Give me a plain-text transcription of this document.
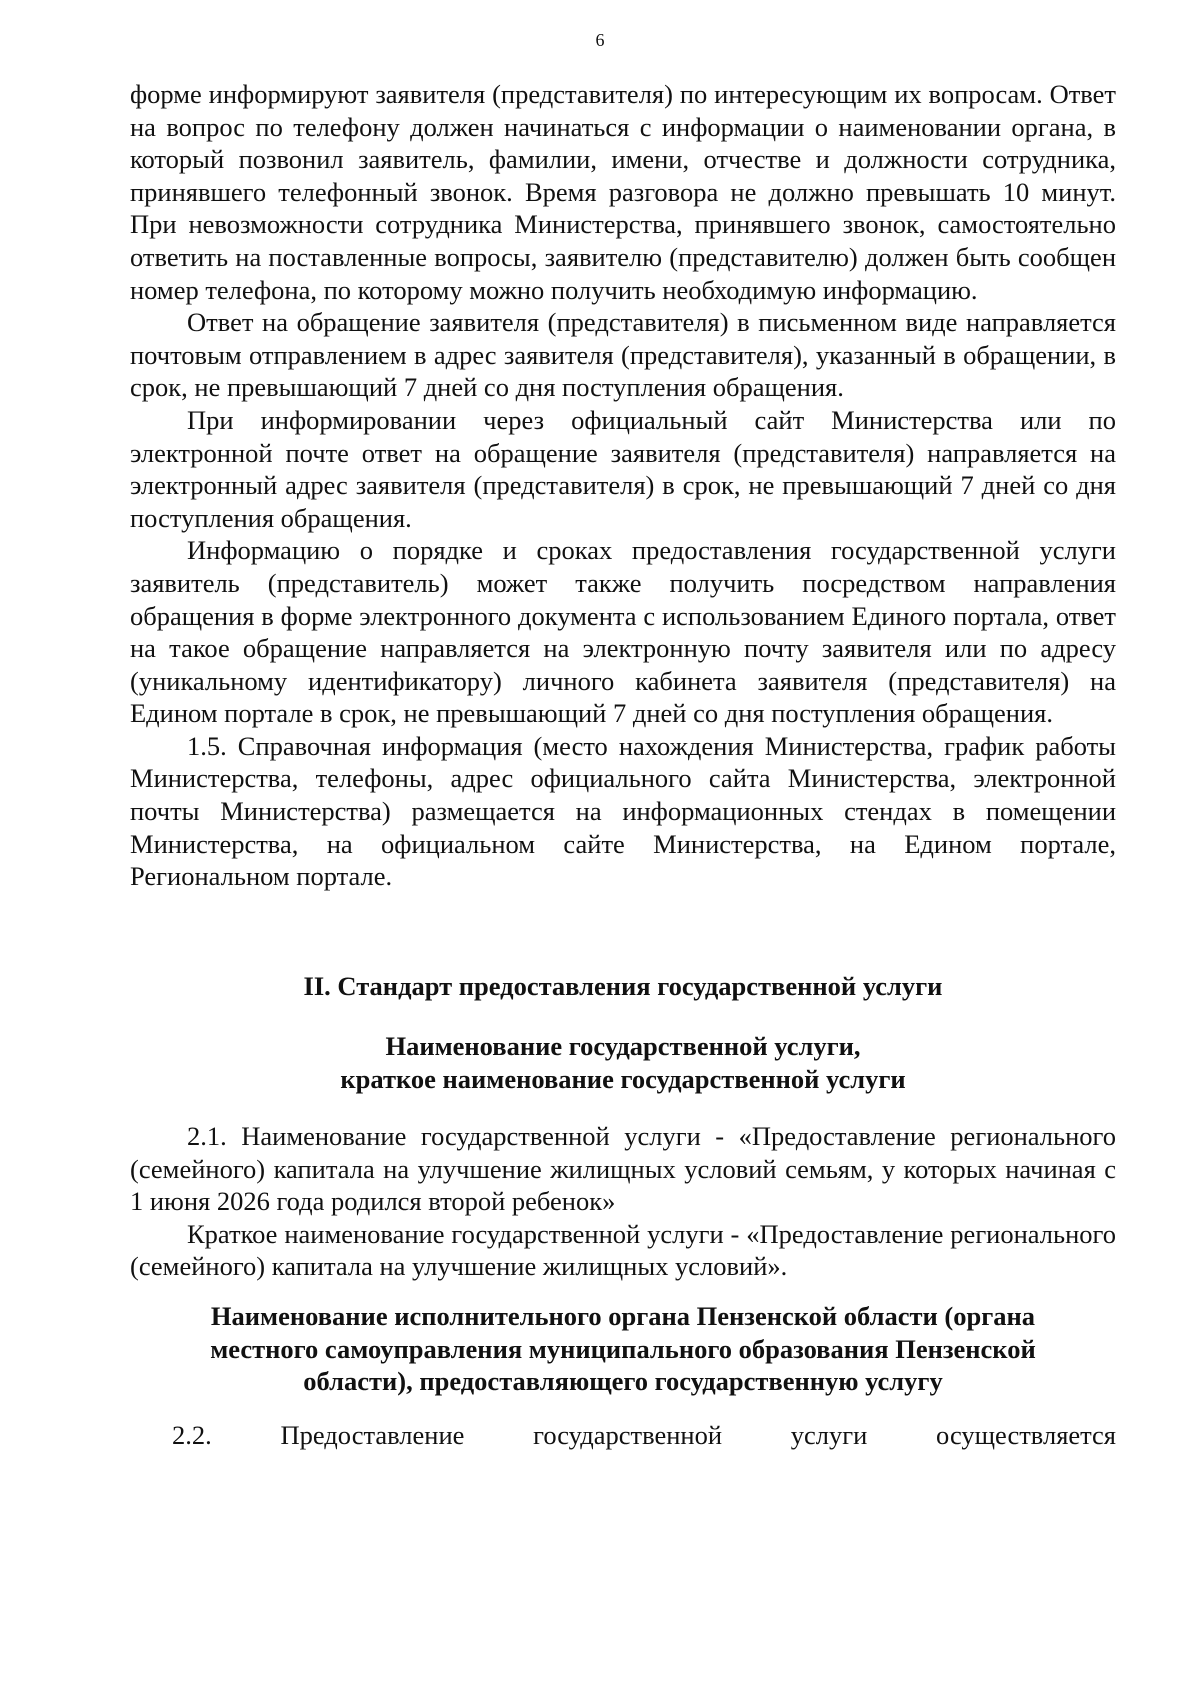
6

форме информируют заявителя (представителя) по интересующим их вопросам. Ответ на вопрос по телефону должен начинаться с информации о наименовании органа, в который позвонил заявитель, фамилии, имени, отчестве и должности сотрудника, принявшего телефонный звонок. Время разговора не должно превышать 10 минут. При невозможности сотрудника Министерства, принявшего звонок, самостоятельно ответить на поставленные вопросы, заявителю (представителю) должен быть сообщен номер телефона, по которому можно получить необходимую информацию.

Ответ на обращение заявителя (представителя) в письменном виде направляется почтовым отправлением в адрес заявителя (представителя), указанный в обращении, в срок, не превышающий 7 дней со дня поступления обращения.

При информировании через официальный сайт Министерства или по электронной почте ответ на обращение заявителя (представителя) направляется на электронный адрес заявителя (представителя) в срок, не превышающий 7 дней со дня поступления обращения.

Информацию о порядке и сроках предоставления государственной услуги заявитель (представитель) может также получить посредством направления обращения в форме электронного документа с использованием Единого портала, ответ на такое обращение направляется на электронную почту заявителя или по адресу (уникальному идентификатору) личного кабинета заявителя (представителя) на Едином портале в срок, не превышающий 7 дней со дня поступления обращения.

1.5. Справочная информация (место нахождения Министерства, график работы Министерства, телефоны, адрес официального сайта Министерства, электронной почты Министерства) размещается на информационных стендах в помещении Министерства, на официальном сайте Министерства, на Едином портале, Региональном портале.

II. Стандарт предоставления государственной услуги
Наименование государственной услуги,
краткое наименование государственной услуги

2.1. Наименование государственной услуги - «Предоставление регионального (семейного) капитала на улучшение жилищных условий семьям, у которых начиная с 1 июня 2026 года родился второй ребенок»

Краткое наименование государственной услуги - «Предоставление регионального (семейного) капитала на улучшение жилищных условий».

Наименование исполнительного органа Пензенской области (органа
местного самоуправления муниципального образования Пензенской
области), предоставляющего государственную услугу

2.2. Предоставление государственной услуги осуществляется
